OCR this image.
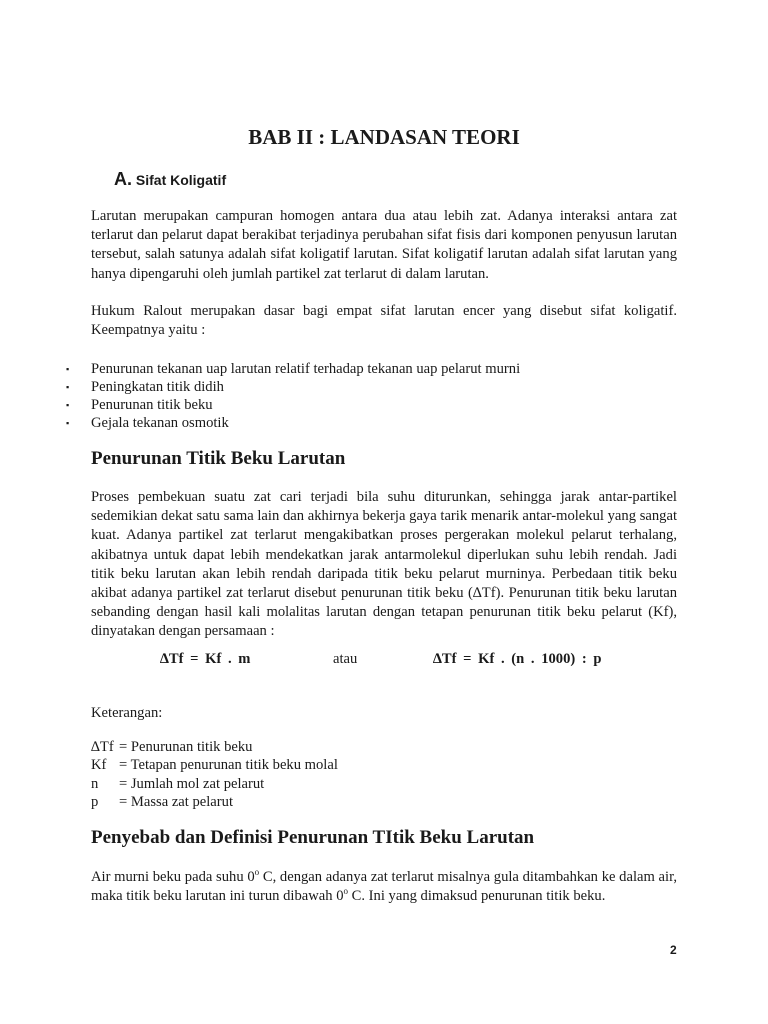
BAB II : LANDASAN TEORI
A. Sifat Koligatif

Larutan merupakan campuran homogen antara dua atau lebih zat. Adanya interaksi antara zat terlarut dan pelarut dapat berakibat terjadinya perubahan sifat fisis dari komponen penyusun larutan tersebut, salah satunya adalah sifat koligatif larutan. Sifat koligatif larutan adalah sifat larutan yang hanya dipengaruhi oleh jumlah partikel zat terlarut di dalam larutan.

Hukum Ralout merupakan dasar bagi empat sifat larutan encer yang disebut sifat koligatif. Keempatnya yaitu :

▪ Penurunan tekanan uap larutan relatif terhadap tekanan uap pelarut murni
▪ Peningkatan titik didih
▪ Penurunan titik beku
▪ Gejala tekanan osmotik
Penurunan Titik Beku Larutan

Proses pembekuan suatu zat cari terjadi bila suhu diturunkan, sehingga jarak antar-partikel sedemikian dekat satu sama lain dan akhirnya bekerja gaya tarik menarik antar-molekul yang sangat kuat. Adanya partikel zat terlarut mengakibatkan proses pergerakan molekul pelarut terhalang, akibatnya untuk dapat lebih mendekatkan jarak antarmolekul diperlukan suhu lebih rendah. Jadi titik beku larutan akan lebih rendah daripada titik beku pelarut murninya. Perbedaan titik beku akibat adanya partikel zat terlarut disebut penurunan titik beku (∆Tf). Penurunan titik beku larutan sebanding dengan hasil kali molalitas larutan dengan tetapan penurunan titik beku pelarut (Kf), dinyatakan dengan persamaan :

∆Tf = Kf . m	atau	∆Tf = Kf . (n . 1000) : p
Keterangan:
∆Tf = Penurunan titik beku
Kf = Tetapan penurunan titik beku molal
n	= Jumlah mol zat pelarut
p	= Massa zat pelarut
Penyebab dan Definisi Penurunan TItik Beku Larutan

Air murni beku pada suhu 0$^o$ C, dengan adanya zat terlarut misalnya gula ditambahkan ke dalam air, maka titik beku larutan ini turun dibawah 0$^o$ C. Ini yang dimaksud penurunan titik beku.

2
